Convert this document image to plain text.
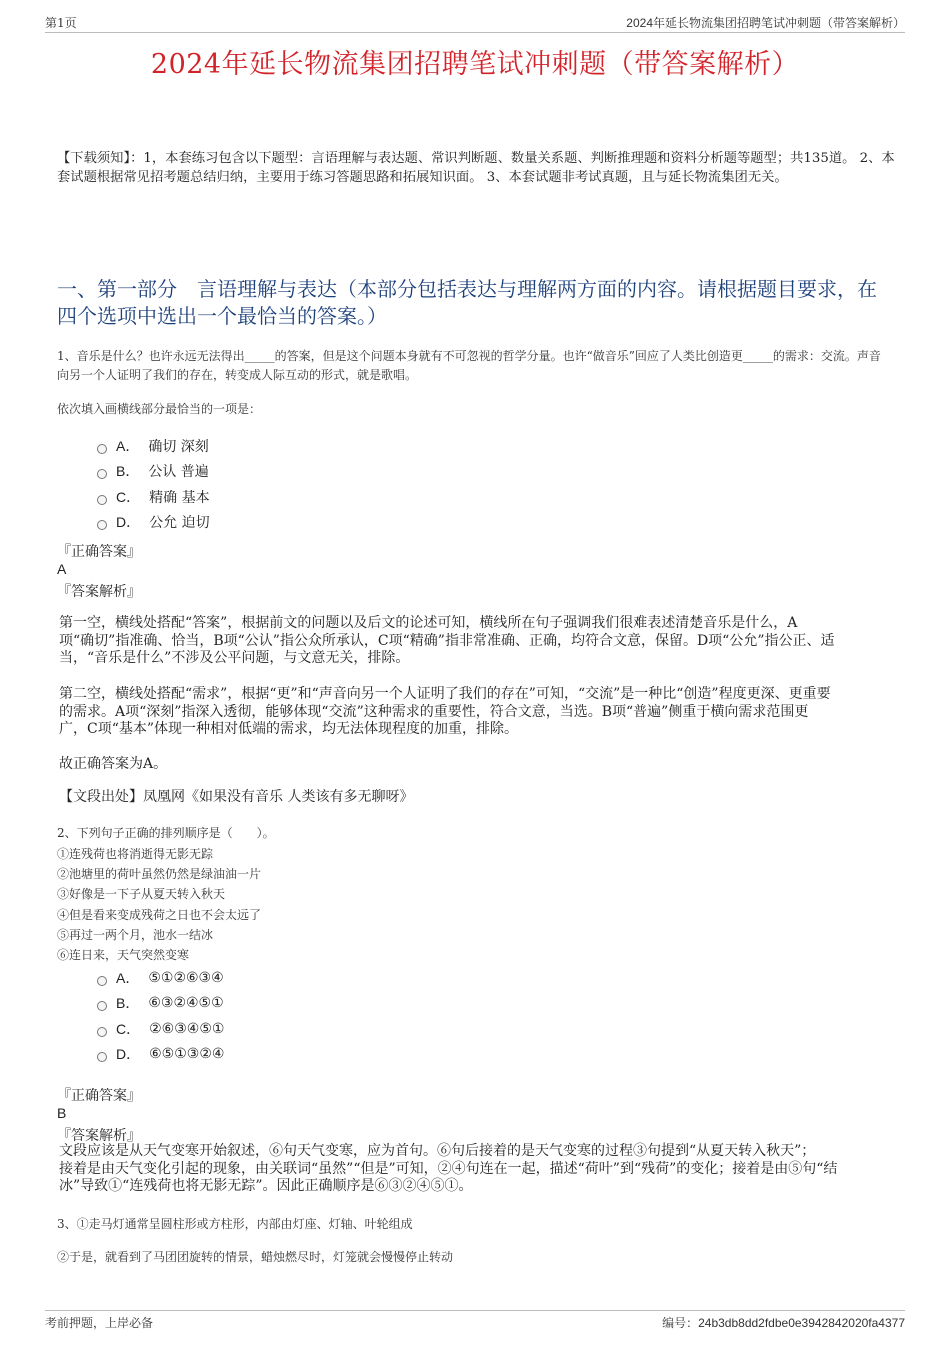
第1页	2024年延长物流集团招聘笔试冲刺题（带答案解析）
2024年延长物流集团招聘笔试冲刺题（带答案解析）
【下载须知】：1，本套练习包含以下题型：言语理解与表达题、常识判断题、数量关系题、判断推理题和资料分析题等题型；共135道。 2、本套试题根据常见招考题总结归纳，主要用于练习答题思路和拓展知识面。 3、本套试题非考试真题，且与延长物流集团无关。
一、第一部分　言语理解与表达（本部分包括表达与理解两方面的内容。请根据题目要求，在四个选项中选出一个最恰当的答案。）
1、音乐是什么？也许永远无法得出_____的答案，但是这个问题本身就有不可忽视的哲学分量。也许“做音乐”回应了人类比创造更_____的需求：交流。声音向另一个人证明了我们的存在，转变成人际互动的形式，就是歌唱。
依次填入画横线部分最恰当的一项是：
A． 确切 深刻
B． 公认 普遍
C． 精确 基本
D． 公允 迫切
『正确答案』
A
『答案解析』
第一空，横线处搭配“答案”，根据前文的问题以及后文的论述可知，横线所在句子强调我们很难表述清楚音乐是什么，A
项“确切”指准确、恰当，B项“公认”指公众所承认，C项“精确”指非常准确、正确，均符合文意，保留。D项“公允”指公正、适
当，“音乐是什么”不涉及公平问题，与文意无关，排除。
第二空，横线处搭配“需求”，根据“更”和“声音向另一个人证明了我们的存在”可知，“交流”是一种比“创造”程度更深、更重要
的需求。A项“深刻”指深入透彻，能够体现“交流”这种需求的重要性，符合文意，当选。B项“普遍”侧重于横向需求范围更
广，C项“基本”体现一种相对低端的需求，均无法体现程度的加重，排除。
故正确答案为A。
【文段出处】凤凰网《如果没有音乐 人类该有多无聊呀》
2、下列句子正确的排列顺序是（　　）。
①连残荷也将消逝得无影无踪
②池塘里的荷叶虽然仍然是绿油油一片
③好像是一下子从夏天转入秋天
④但是看来变成残荷之日也不会太远了
⑤再过一两个月，池水一结冰
⑥连日来，天气突然变寒
A． ⑤①②⑥③④
B． ⑥③②④⑤①
C． ②⑥③④⑤①
D． ⑥⑤①③②④
『正确答案』
B
『答案解析』
文段应该是从天气变寒开始叙述，⑥句天气变寒，应为首句。⑥句后接着的是天气变寒的过程③句提到“从夏天转入秋天”；
接着是由天气变化引起的现象，由关联词“虽然”“但是”可知，②④句连在一起，描述“荷叶”到“残荷”的变化；接着是由⑤句“结
冰”导致①“连残荷也将无影无踪”。因此正确顺序是⑥③②④⑤①。
3、①走马灯通常呈圆柱形或方柱形，内部由灯座、灯轴、叶轮组成
②于是，就看到了马团团旋转的情景，蜡烛燃尽时，灯笼就会慢慢停止转动
考前押题，上岸必备	编号：24b3db8dd2fdbe0e3942842020fa4377
